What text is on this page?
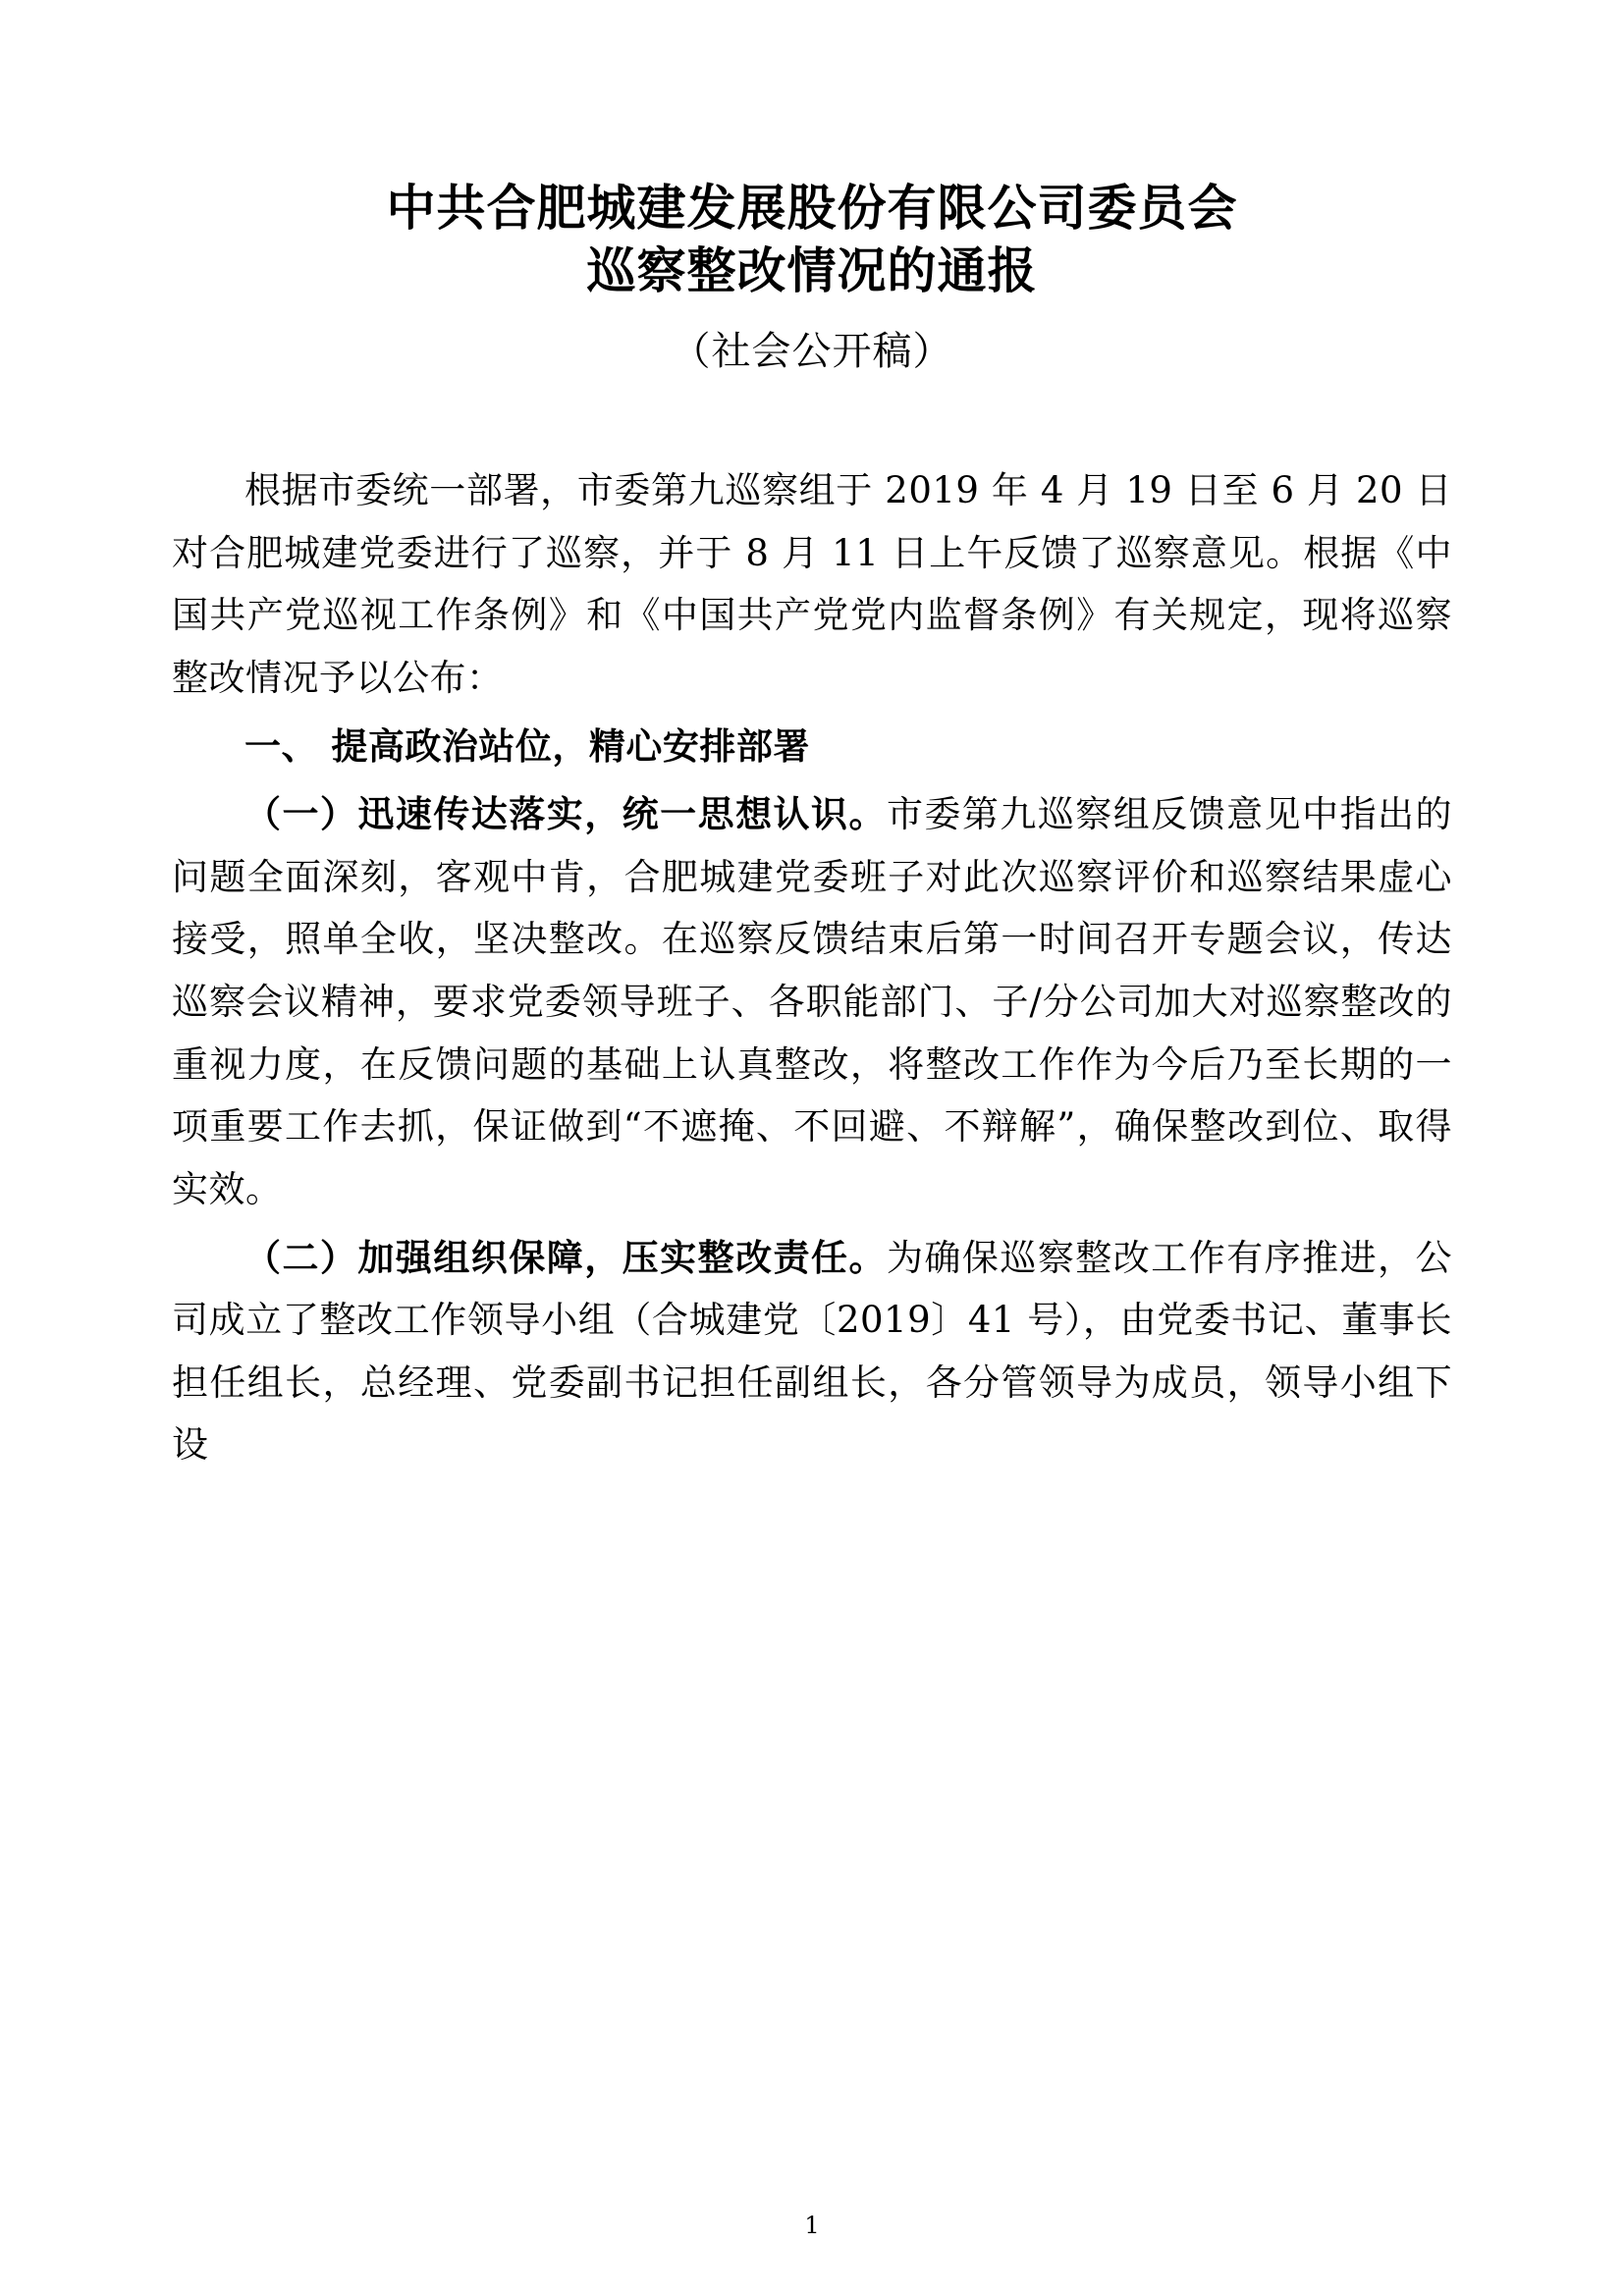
中共合肥城建发展股份有限公司委员会
巡察整改情况的通报
（社会公开稿）

根据市委统一部署，市委第九巡察组于 2019 年 4 月 19 日至 6 月 20 日对合肥城建党委进行了巡察，并于 8 月 11 日上午反馈了巡察意见。根据《中国共产党巡视工作条例》和《中国共产党党内监督条例》有关规定，现将巡察整改情况予以公布：

一、 提高政治站位，精心安排部署

（一）迅速传达落实，统一思想认识。市委第九巡察组反馈意见中指出的问题全面深刻，客观中肯，合肥城建党委班子对此次巡察评价和巡察结果虚心接受，照单全收，坚决整改。在巡察反馈结束后第一时间召开专题会议，传达巡察会议精神，要求党委领导班子、各职能部门、子/分公司加大对巡察整改的重视力度，在反馈问题的基础上认真整改，将整改工作作为今后乃至长期的一项重要工作去抓，保证做到“不遮掩、不回避、不辩解”，确保整改到位、取得实效。

（二）加强组织保障，压实整改责任。为确保巡察整改工作有序推进，公司成立了整改工作领导小组（合城建党〔2019〕41 号），由党委书记、董事长担任组长，总经理、党委副书记担任副组长，各分管领导为成员，领导小组下设

1
